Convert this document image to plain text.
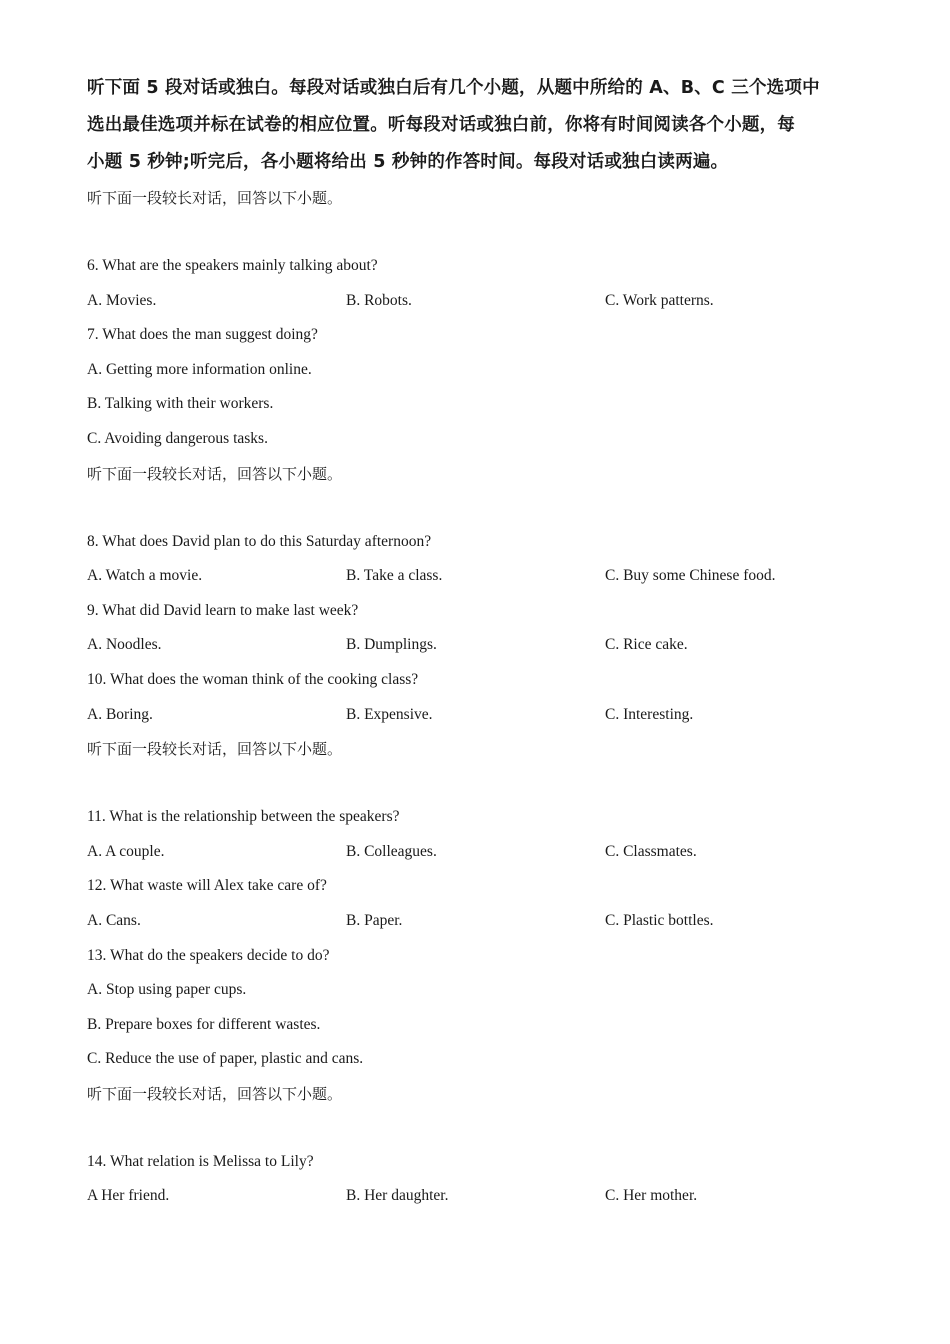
听下面 5 段对话或独白。每段对话或独白后有几个小题，从题中所给的 A、B、C 三个选项中

选出最佳选项并标在试卷的相应位置。听每段对话或独白前，你将有时间阅读各个小题，每

小题 5 秒钟;听完后，各小题将给出 5 秒钟的作答时间。每段对话或独白读两遍。

听下面一段较长对话，回答以下小题。

6. What are the speakers mainly talking about?

A. Movies.	B. Robots.	C. Work patterns.

7. What does the man suggest doing?

A. Getting more information online.

B. Talking with their workers.

C. Avoiding dangerous tasks.

听下面一段较长对话，回答以下小题。

8. What does David plan to do this Saturday afternoon?

A. Watch a movie.	B. Take a class.	C. Buy some Chinese food.

9. What did David learn to make last week?

A. Noodles.	B. Dumplings.	C. Rice cake.

10. What does the woman think of the cooking class?

A. Boring.	B. Expensive.	C. Interesting.

听下面一段较长对话，回答以下小题。

11. What is the relationship between the speakers?

A. A couple.	B. Colleagues.	C. Classmates.

12. What waste will Alex take care of?

A. Cans.	B. Paper.	C. Plastic bottles.

13. What do the speakers decide to do?

A. Stop using paper cups.

B. Prepare boxes for different wastes.

C. Reduce the use of paper, plastic and cans.

听下面一段较长对话，回答以下小题。

14. What relation is Melissa to Lily?

A Her friend.	B. Her daughter.	C. Her mother.
